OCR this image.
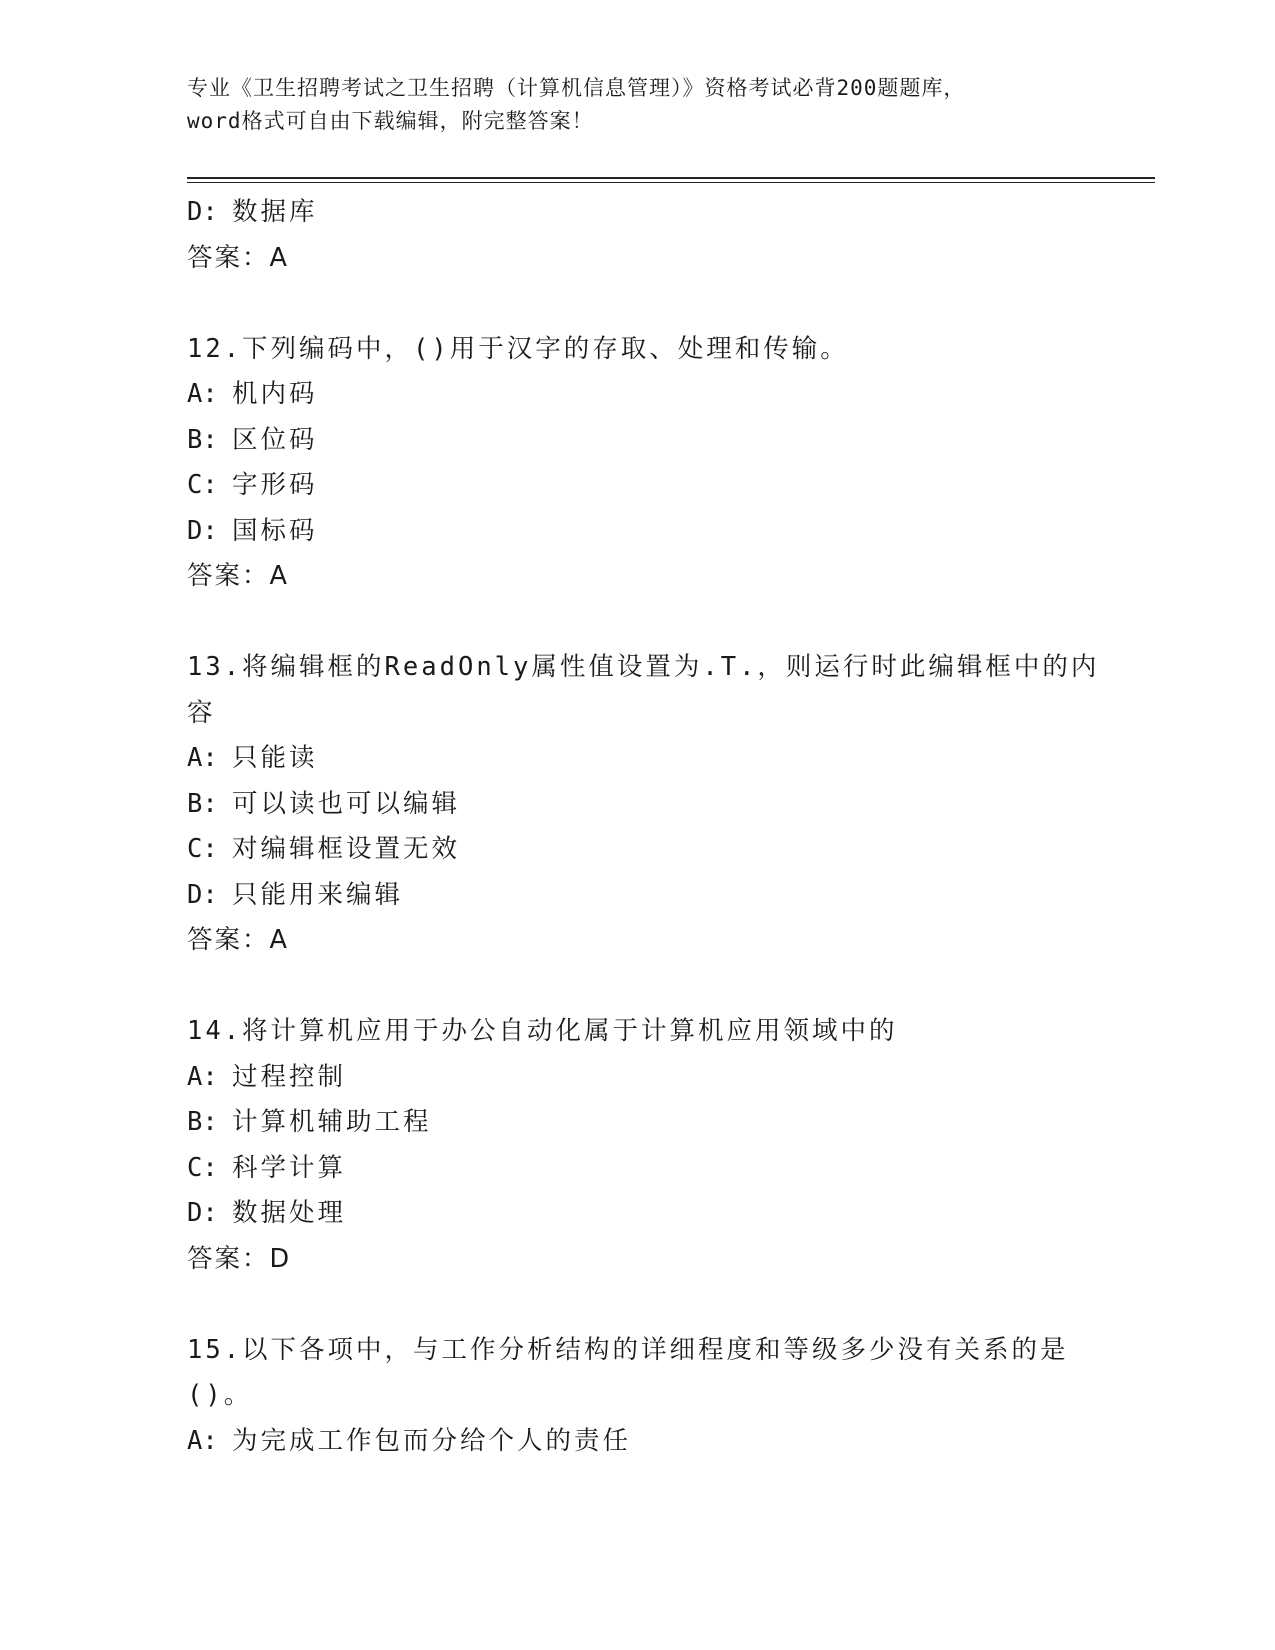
专业《卫生招聘考试之卫生招聘（计算机信息管理）》资格考试必背200题题库，
word格式可自由下载编辑，附完整答案！
D: 数据库
答案：A
12.下列编码中，()用于汉字的存取、处理和传输。
A: 机内码
B: 区位码
C: 字形码
D: 国标码
答案：A
13.将编辑框的ReadOnly属性值设置为.T.，则运行时此编辑框中的内
容
A: 只能读
B: 可以读也可以编辑
C: 对编辑框设置无效
D: 只能用来编辑
答案：A
14.将计算机应用于办公自动化属于计算机应用领域中的
A: 过程控制
B: 计算机辅助工程
C: 科学计算
D: 数据处理
答案：D
15.以下各项中，与工作分析结构的详细程度和等级多少没有关系的是
()。
A: 为完成工作包而分给个人的责任
